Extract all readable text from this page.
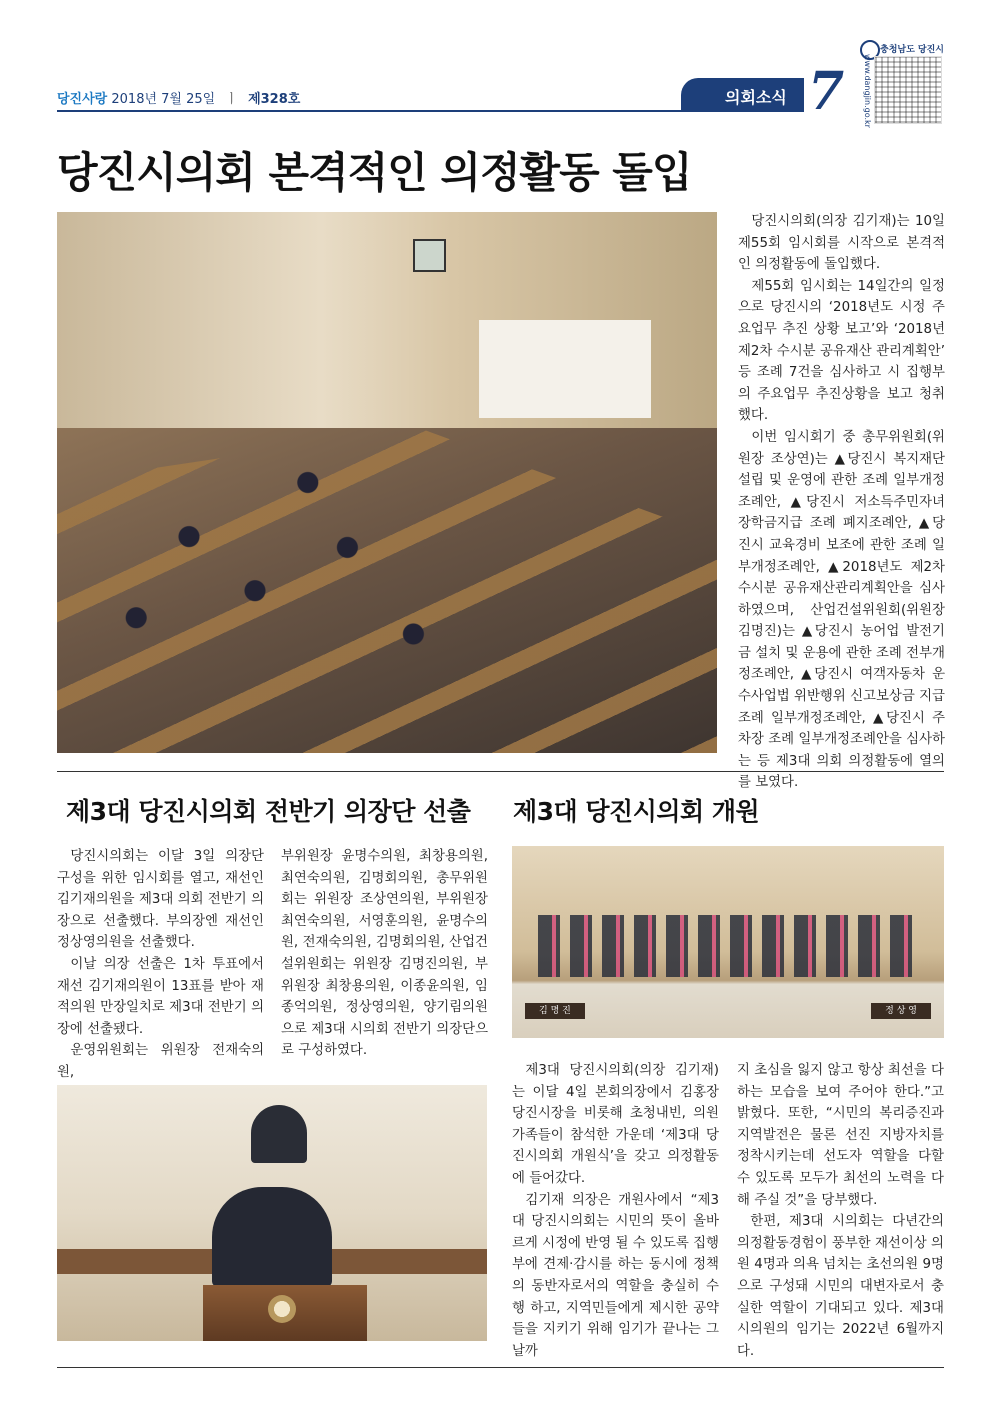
당진사랑 2018년 7월 25일 ㅣ 제328호	의회소식 7
충청남도 당진시
www.dangjin.go.kr
당진시의회 본격적인 의정활동 돌입

당진시의회(의장 김기재)는 10일 제55회 임시회를 시작으로 본격적인 의정활동에 돌입했다.

제55회 임시회는 14일간의 일정으로 당진시의 ‘2018년도 시정 주요업무 추진 상황 보고’와 ‘2018년 제2차 수시분 공유재산 관리계획안’ 등 조례 7건을 심사하고 시 집행부의 주요업무 추진상황을 보고 청취했다.

이번 임시회기 중 총무위원회(위원장 조상연)는 ▲당진시 복지재단 설립 및 운영에 관한 조례 일부개정조례안, ▲당진시 저소득주민자녀 장학금지급 조례 폐지조례안, ▲당진시 교육경비 보조에 관한 조례 일부개정조례안, ▲2018년도 제2차 수시분 공유재산관리계획안을 심사하였으며, 산업건설위원회(위원장 김명진)는 ▲당진시 농어업 발전기금 설치 및 운용에 관한 조례 전부개정조례안, ▲당진시 여객자동차 운수사업법 위반행위 신고보상금 지급 조례 일부개정조례안, ▲당진시 주차장 조례 일부개정조례안을 심사하는 등 제3대 의회 의정활동에 열의를 보였다.

제3대 당진시의회 전반기 의장단 선출

당진시의회는 이달 3일 의장단 구성을 위한 임시회를 열고, 재선인 김기재의원을 제3대 의회 전반기 의장으로 선출했다. 부의장엔 재선인 정상영의원을 선출했다.

이날 의장 선출은 1차 투표에서 재선 김기재의원이 13표를 받아 재적의원 만장일치로 제3대 전반기 의장에 선출됐다.

운영위원회는 위원장 전재숙의원,

부위원장 윤명수의원, 최창용의원, 최연숙의원, 김명회의원, 총무위원회는 위원장 조상연의원, 부위원장 최연숙의원, 서영훈의원, 윤명수의원, 전재숙의원, 김명회의원, 산업건설위원회는 위원장 김명진의원, 부위원장 최창용의원, 이종윤의원, 임종억의원, 정상영의원, 양기림의원으로 제3대 시의회 전반기 의장단으로 구성하였다.
제3대 당진시의회 개원
김 명 진	정 상 영

제3대 당진시의회(의장 김기재)는 이달 4일 본회의장에서 김홍장 당진시장을 비롯해 초청내빈, 의원 가족들이 참석한 가운데 ‘제3대 당진시의회 개원식’을 갖고 의정활동에 들어갔다.

김기재 의장은 개원사에서 “제3대 당진시의회는 시민의 뜻이 올바르게 시정에 반영 될 수 있도록 집행부에 견제·감시를 하는 동시에 정책의 동반자로서의 역할을 충실히 수행 하고, 지역민들에게 제시한 공약들을 지키기 위해 임기가 끝나는 그날까

지 초심을 잃지 않고 항상 최선을 다하는 모습을 보여 주어야 한다.”고 밝혔다. 또한, “시민의 복리증진과 지역발전은 물론 선진 지방자치를 정착시키는데 선도자 역할을 다할 수 있도록 모두가 최선의 노력을 다해 주실 것”을 당부했다.

한편, 제3대 시의회는 다년간의 의정활동경험이 풍부한 재선이상 의원 4명과 의욕 넘치는 초선의원 9명으로 구성돼 시민의 대변자로서 충실한 역할이 기대되고 있다. 제3대 시의원의 임기는 2022년 6월까지다.
